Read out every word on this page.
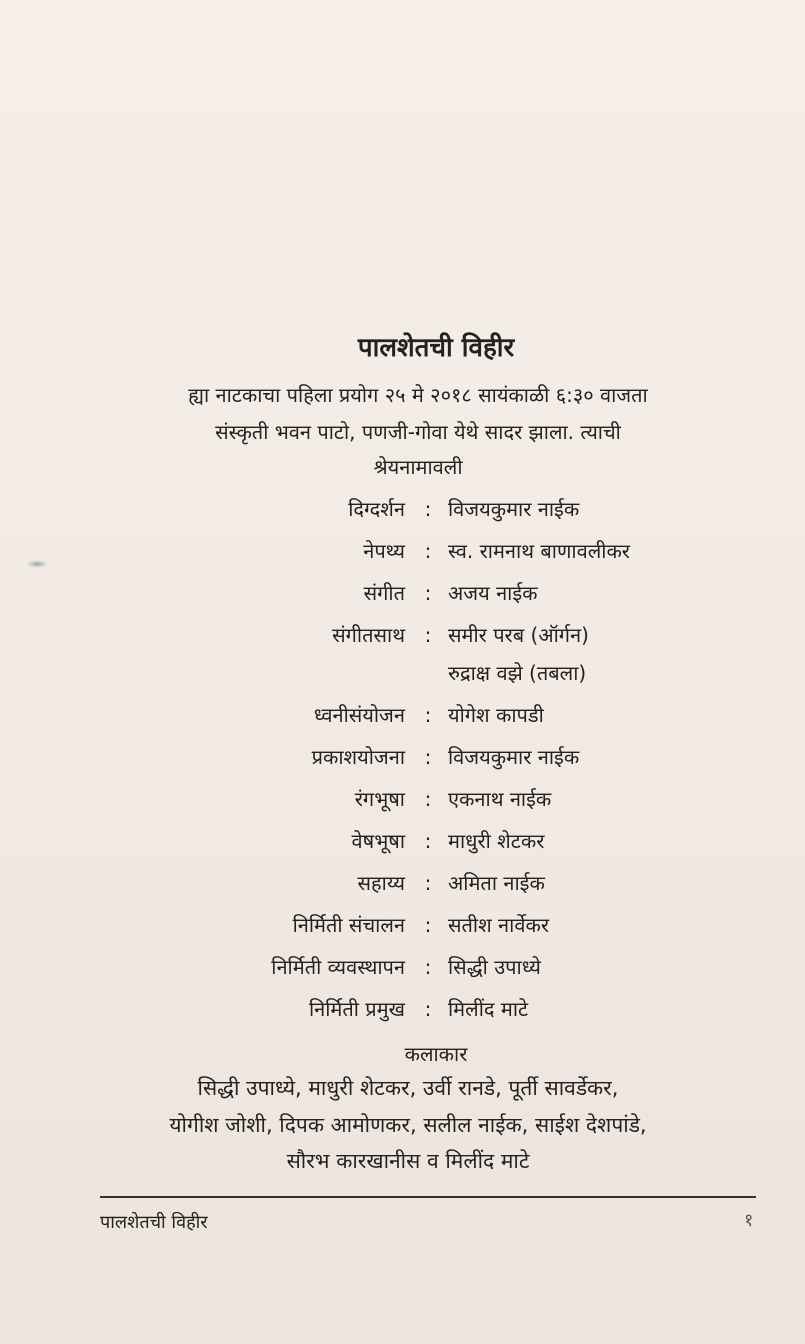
पालशेतची विहीर
ह्या नाटकाचा पहिला प्रयोग २५ मे २०१८ सायंकाळी ६:३० वाजता
संस्कृती भवन पाटो, पणजी-गोवा येथे सादर झाला. त्याची
श्रेयनामावली
दिग्दर्शन : विजयकुमार नाईक
नेपथ्य : स्व. रामनाथ बाणावलीकर
संगीत : अजय नाईक
संगीतसाथ : समीर परब (ऑर्गन)
रुद्राक्ष वझे (तबला)
ध्वनीसंयोजन : योगेश कापडी
प्रकाशयोजना : विजयकुमार नाईक
रंगभूषा : एकनाथ नाईक
वेषभूषा : माधुरी शेटकर
सहाय्य : अमिता नाईक
निर्मिती संचालन : सतीश नार्वेकर
निर्मिती व्यवस्थापन : सिद्धी उपाध्ये
निर्मिती प्रमुख : मिलींद माटे
कलाकार
सिद्धी उपाध्ये, माधुरी शेटकर, उर्वी रानडे, पूर्ती सावर्डेकर,
योगीश जोशी, दिपक आमोणकर, सलील नाईक, साईश देशपांडे,
सौरभ कारखानीस व मिलींद माटे
पालशेतची विहीर	१
